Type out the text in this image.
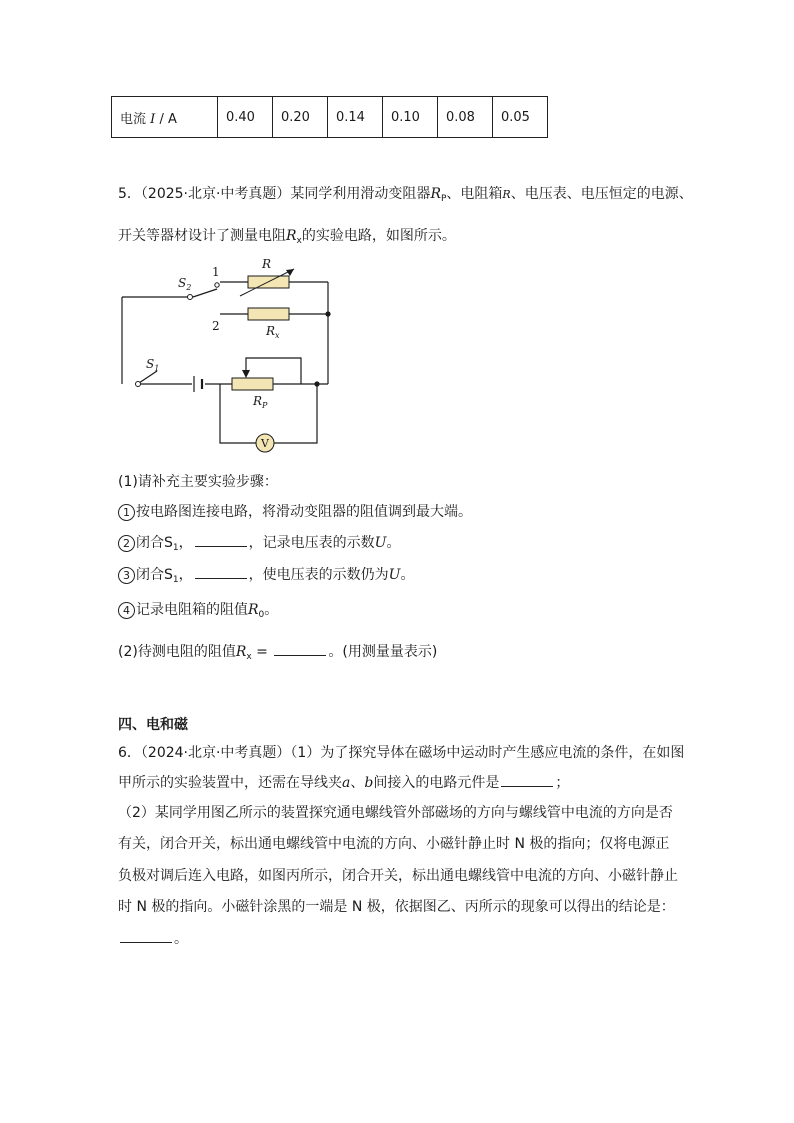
电流 I / A	0.40	0.20	0.14	0.10	0.08	0.05
5．（2025·北京·中考真题）某同学利用滑动变阻器$R_P$、电阻箱R、电压表、电压恒定的电源、
开关等器材设计了测量电阻$R_x$的实验电路，如图所示。
V
$S_2$
1
2
R
$R_x$
$S_1$
$R_P$
(1)请补充主要实验步骤：
1 按电路图连接电路，将滑动变阻器的阻值调到最大端。
2 闭合$S_1$，	，记录电压表的示数U。
3 闭合$S_1$，	，使电压表的示数仍为U。
4 记录电阻箱的阻值$R_0$。
(2)待测电阻的阻值$R_x$ =	。(用测量量表示)
四、电和磁
6．（2024·北京·中考真题）（1）为了探究导体在磁场中运动时产生感应电流的条件，在如图
甲所示的实验装置中，还需在导线夹a、b间接入的电路元件是	；
（2）某同学用图乙所示的装置探究通电螺线管外部磁场的方向与螺线管中电流的方向是否
有关，闭合开关，标出通电螺线管中电流的方向、小磁针静止时 N 极的指向；仅将电源正
负极对调后连入电路，如图丙所示，闭合开关，标出通电螺线管中电流的方向、小磁针静止
时 N 极的指向。小磁针涂黑的一端是 N 极，依据图乙、丙所示的现象可以得出的结论是：
。
